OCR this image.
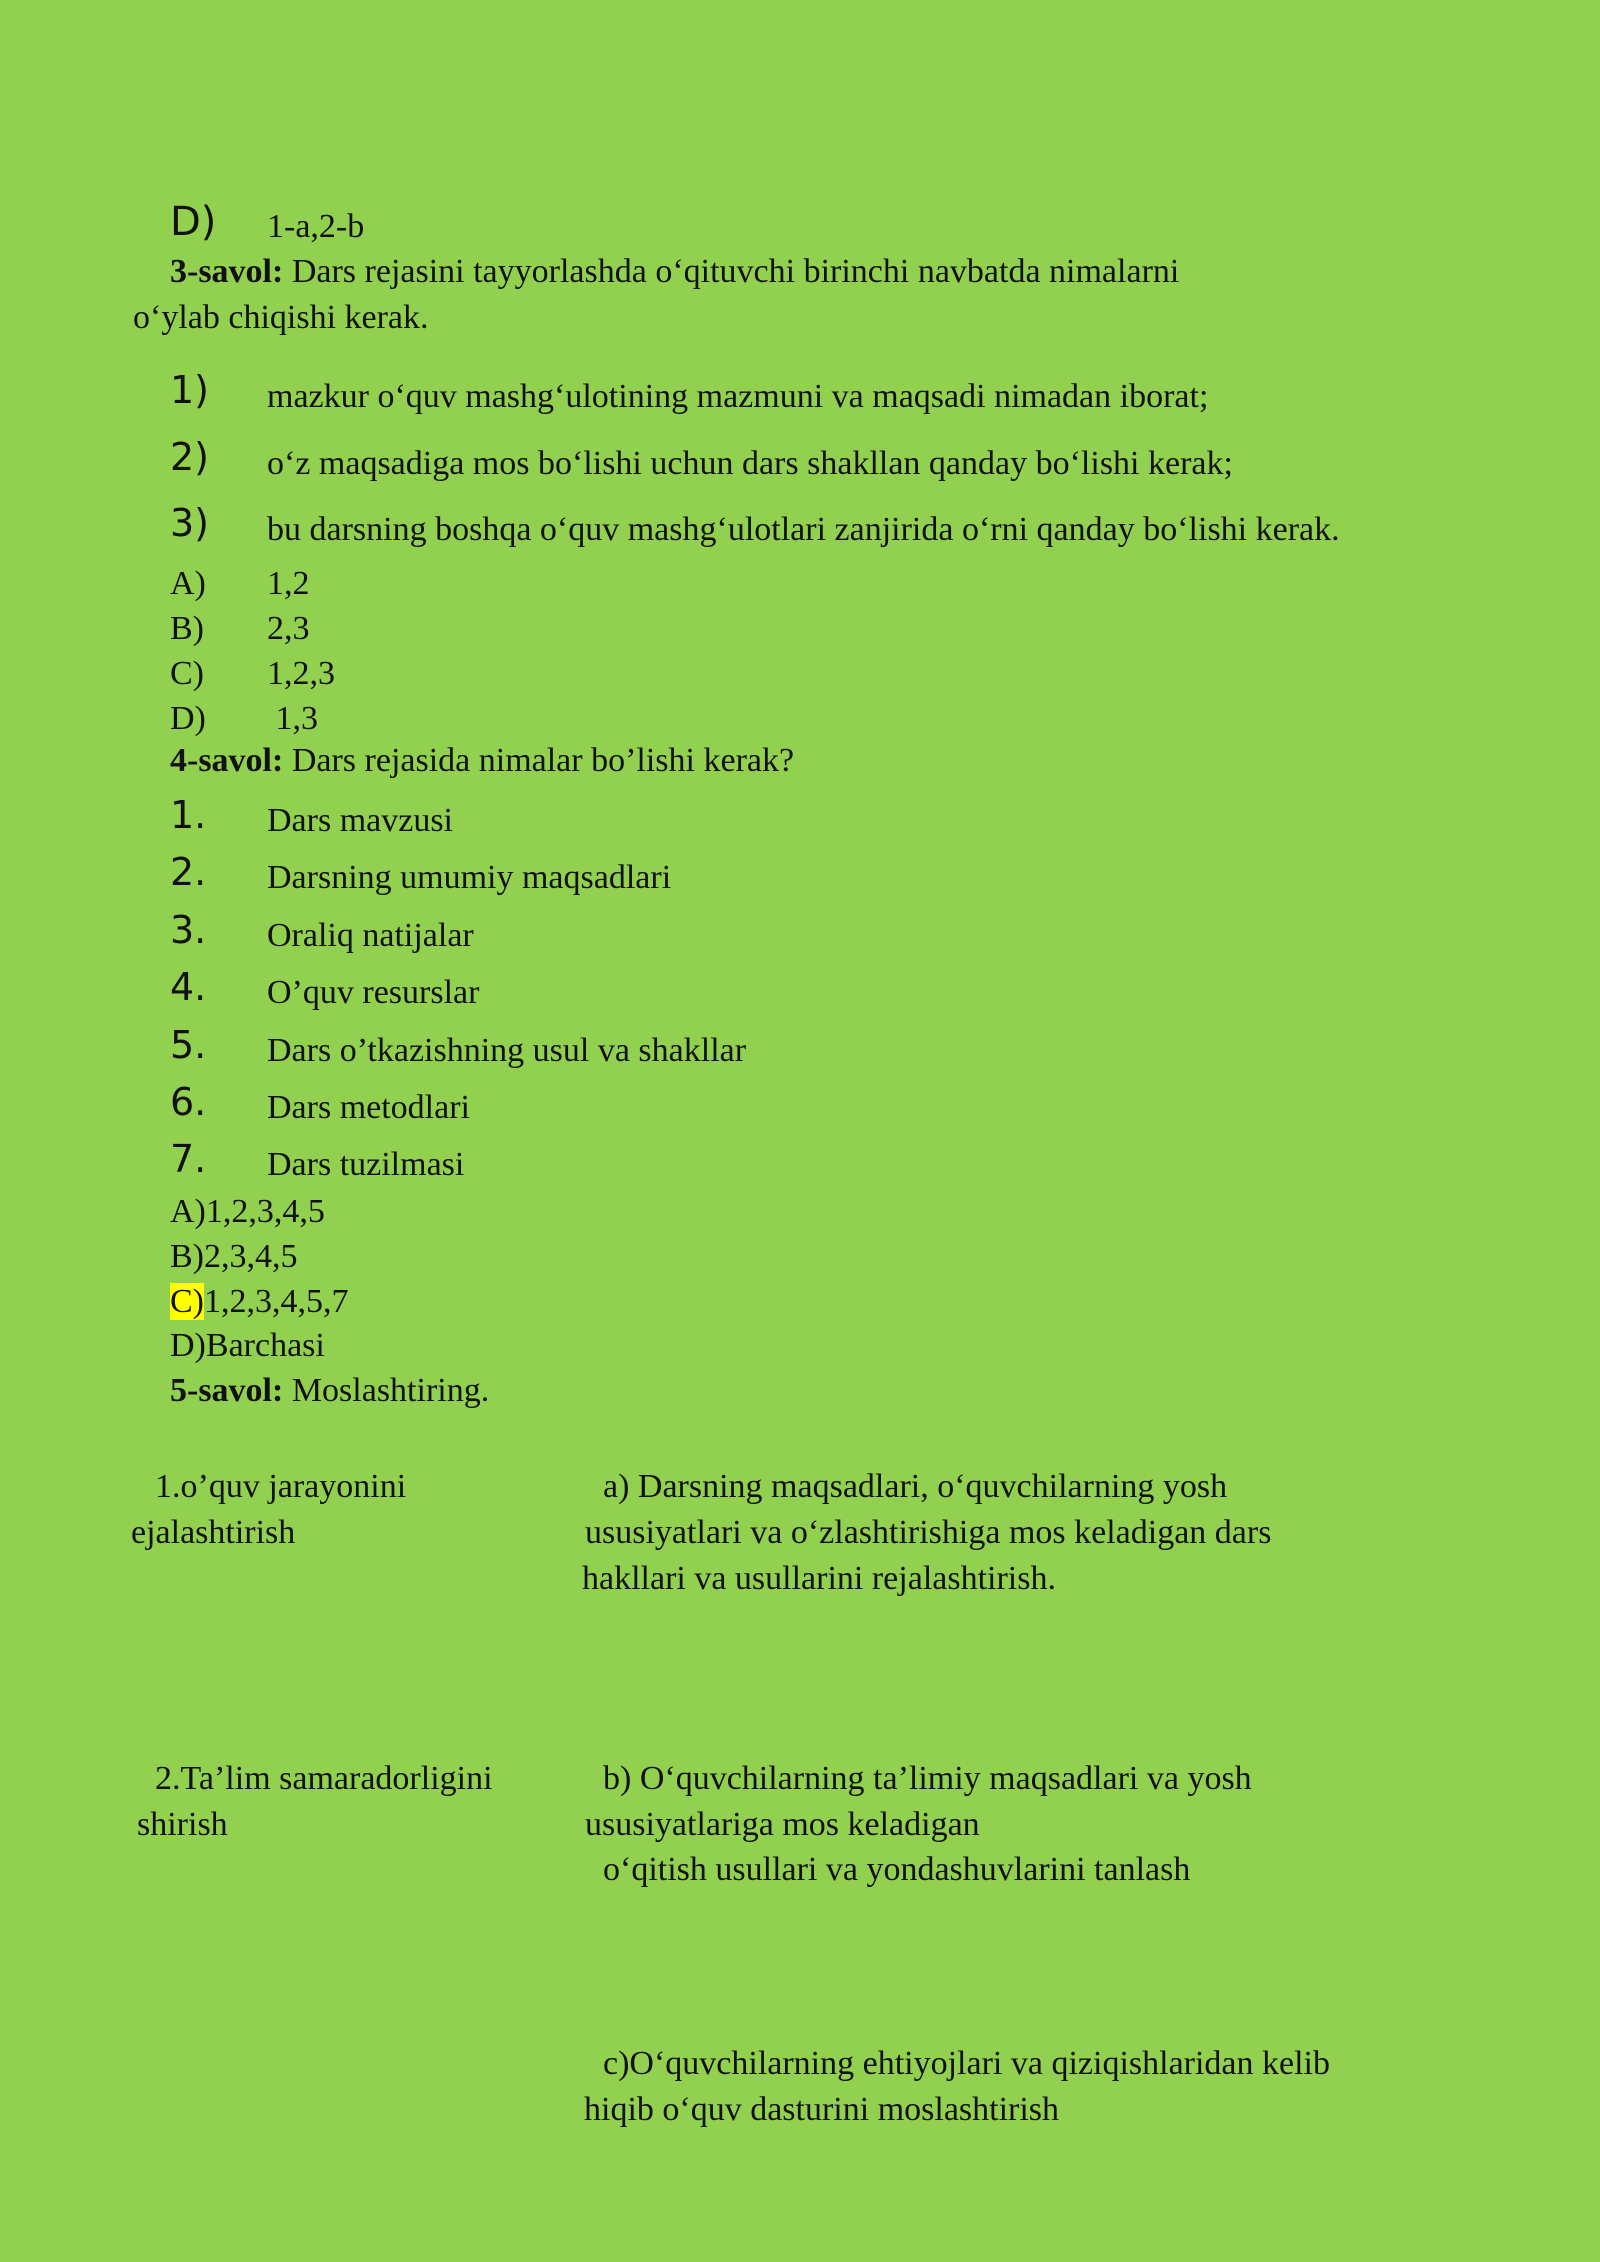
D) 1-a,2-b
3-savol: Dars rejasini tayyorlashda o‘qituvchi birinchi navbatda nimalarni
o‘ylab chiqishi kerak.
1) mazkur o‘quv mashg‘ulotining mazmuni va maqsadi nimadan iborat;
2) o‘z maqsadiga mos bo‘lishi uchun dars shakllan qanday bo‘lishi kerak;
3) bu darsning boshqa o‘quv mashg‘ulotlari zanjirida o‘rni qanday bo‘lishi kerak.
A) 1,2
B) 2,3
C) 1,2,3
D) 1,3
4-savol: Dars rejasida nimalar bo’lishi kerak?
1. Dars mavzusi
2. Darsning umumiy maqsadlari
3. Oraliq natijalar
4. O’quv resurslar
5. Dars o’tkazishning usul va shakllar
6. Dars metodlari
7. Dars tuzilmasi
A)1,2,3,4,5
B)2,3,4,5
C)1,2,3,4,5,7
D)Barchasi
5-savol: Moslashtiring.
1.o’quv jarayonini
ejalashtirish
2.Ta’lim samaradorligini
shirish
a) Darsning maqsadlari, o‘quvchilarning yosh
ususiyatlari va o‘zlashtirishiga mos keladigan dars
hakllari va usullarini rejalashtirish.
b) O‘quvchilarning ta’limiy maqsadlari va yosh
ususiyatlariga mos keladigan
o‘qitish usullari va yondashuvlarini tanlash
c)O‘quvchilarning ehtiyojlari va qiziqishlaridan kelib
hiqib o‘quv dasturini moslashtirish
